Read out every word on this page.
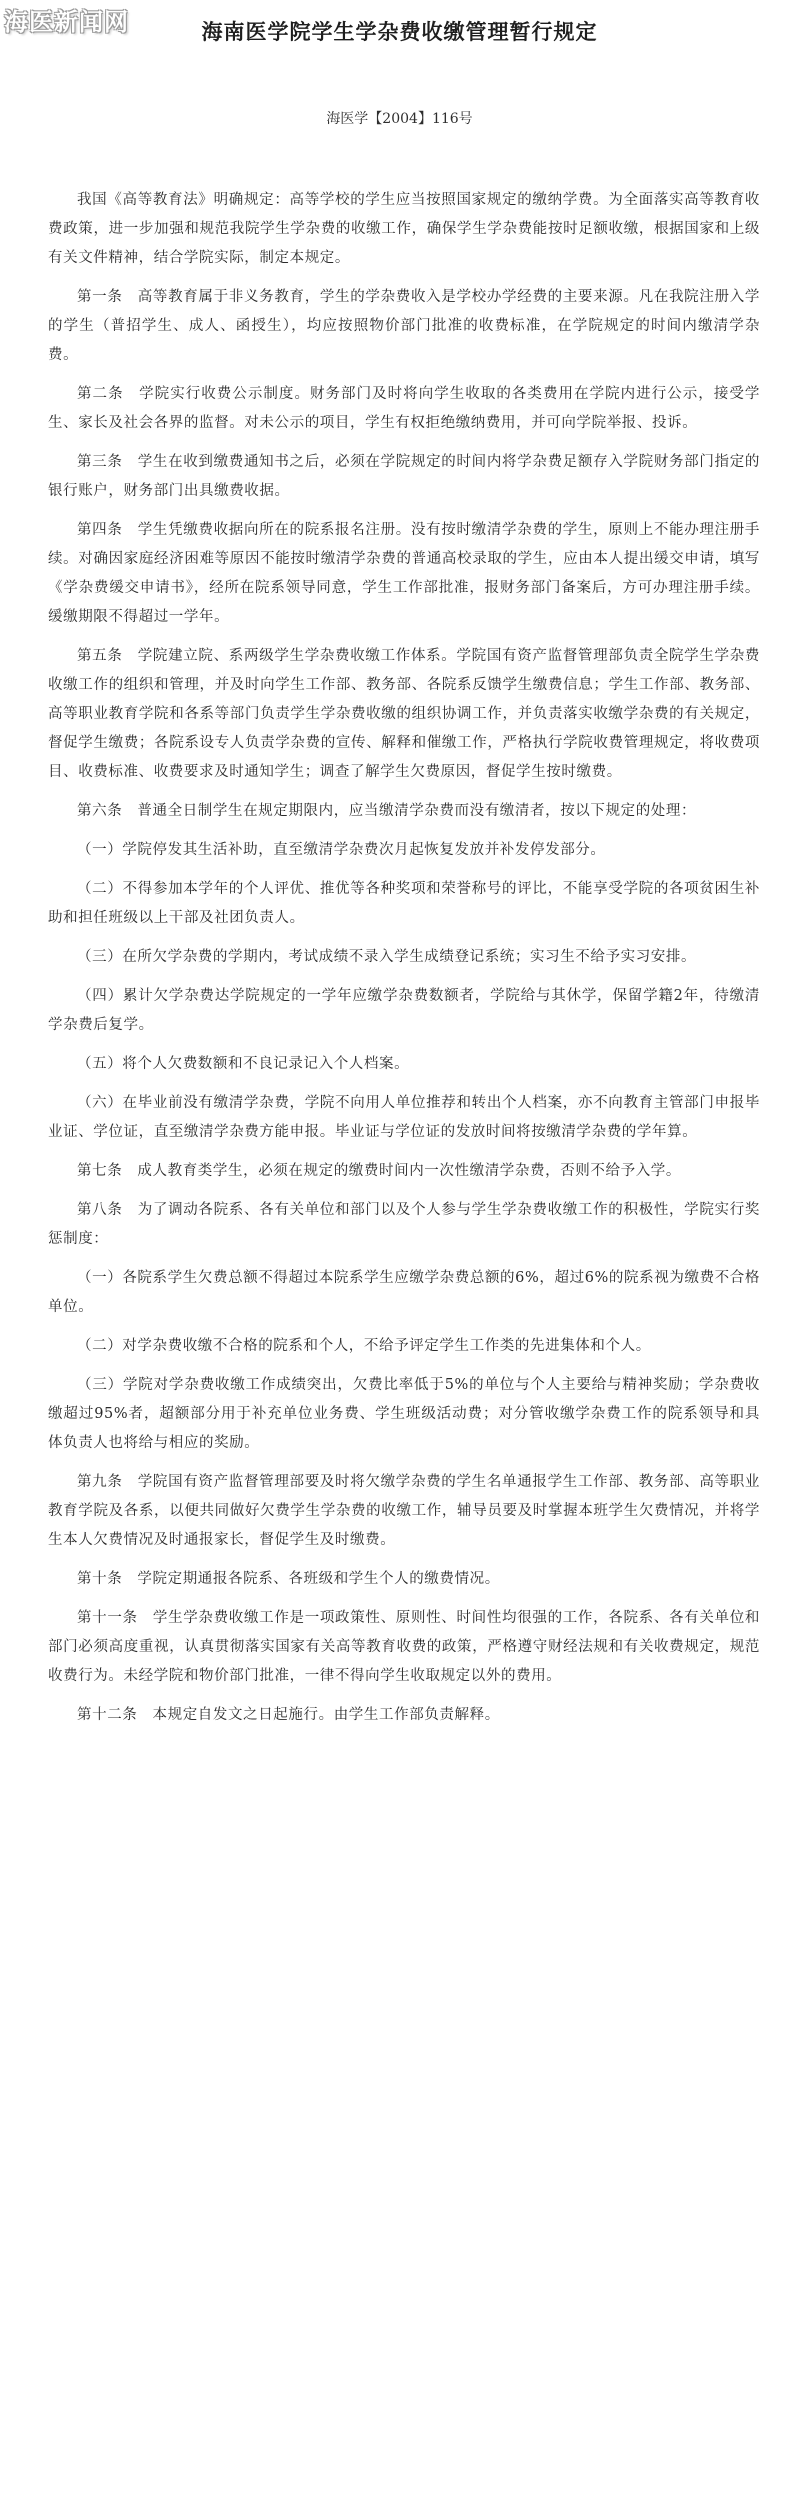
海医新闻网	海南医学院学生学杂费收缴管理暂行规定
海医学【2004】116号

我国《高等教育法》明确规定：高等学校的学生应当按照国家规定的缴纳学费。为全面落实高等教育收费政策，进一步加强和规范我院学生学杂费的收缴工作，确保学生学杂费能按时足额收缴，根据国家和上级有关文件精神，结合学院实际，制定本规定。

第一条　高等教育属于非义务教育，学生的学杂费收入是学校办学经费的主要来源。凡在我院注册入学的学生（普招学生、成人、函授生），均应按照物价部门批准的收费标准，在学院规定的时间内缴清学杂费。

第二条　学院实行收费公示制度。财务部门及时将向学生收取的各类费用在学院内进行公示，接受学生、家长及社会各界的监督。对未公示的项目，学生有权拒绝缴纳费用，并可向学院举报、投诉。

第三条　学生在收到缴费通知书之后，必须在学院规定的时间内将学杂费足额存入学院财务部门指定的银行账户，财务部门出具缴费收据。

第四条　学生凭缴费收据向所在的院系报名注册。没有按时缴清学杂费的学生，原则上不能办理注册手续。对确因家庭经济困难等原因不能按时缴清学杂费的普通高校录取的学生，应由本人提出缓交申请，填写《学杂费缓交申请书》，经所在院系领导同意，学生工作部批准，报财务部门备案后，方可办理注册手续。缓缴期限不得超过一学年。

第五条　学院建立院、系两级学生学杂费收缴工作体系。学院国有资产监督管理部负责全院学生学杂费收缴工作的组织和管理，并及时向学生工作部、教务部、各院系反馈学生缴费信息；学生工作部、教务部、高等职业教育学院和各系等部门负责学生学杂费收缴的组织协调工作，并负责落实收缴学杂费的有关规定，督促学生缴费；各院系设专人负责学杂费的宣传、解释和催缴工作，严格执行学院收费管理规定，将收费项目、收费标准、收费要求及时通知学生；调查了解学生欠费原因，督促学生按时缴费。

第六条　普通全日制学生在规定期限内，应当缴清学杂费而没有缴清者，按以下规定的处理：

（一）学院停发其生活补助，直至缴清学杂费次月起恢复发放并补发停发部分。

（二）不得参加本学年的个人评优、推优等各种奖项和荣誉称号的评比，不能享受学院的各项贫困生补助和担任班级以上干部及社团负责人。

（三）在所欠学杂费的学期内，考试成绩不录入学生成绩登记系统；实习生不给予实习安排。

（四）累计欠学杂费达学院规定的一学年应缴学杂费数额者，学院给与其休学，保留学籍2年，待缴清学杂费后复学。

（五）将个人欠费数额和不良记录记入个人档案。

（六）在毕业前没有缴清学杂费，学院不向用人单位推荐和转出个人档案，亦不向教育主管部门申报毕业证、学位证，直至缴清学杂费方能申报。毕业证与学位证的发放时间将按缴清学杂费的学年算。

第七条　成人教育类学生，必须在规定的缴费时间内一次性缴清学杂费，否则不给予入学。

第八条　为了调动各院系、各有关单位和部门以及个人参与学生学杂费收缴工作的积极性，学院实行奖惩制度：

（一）各院系学生欠费总额不得超过本院系学生应缴学杂费总额的6%，超过6%的院系视为缴费不合格单位。

（二）对学杂费收缴不合格的院系和个人，不给予评定学生工作类的先进集体和个人。

（三）学院对学杂费收缴工作成绩突出，欠费比率低于5%的单位与个人主要给与精神奖励；学杂费收缴超过95%者，超额部分用于补充单位业务费、学生班级活动费；对分管收缴学杂费工作的院系领导和具体负责人也将给与相应的奖励。

第九条　学院国有资产监督管理部要及时将欠缴学杂费的学生名单通报学生工作部、教务部、高等职业教育学院及各系，以便共同做好欠费学生学杂费的收缴工作，辅导员要及时掌握本班学生欠费情况，并将学生本人欠费情况及时通报家长，督促学生及时缴费。

第十条　学院定期通报各院系、各班级和学生个人的缴费情况。

第十一条　学生学杂费收缴工作是一项政策性、原则性、时间性均很强的工作，各院系、各有关单位和部门必须高度重视，认真贯彻落实国家有关高等教育收费的政策，严格遵守财经法规和有关收费规定，规范收费行为。未经学院和物价部门批准，一律不得向学生收取规定以外的费用。

第十二条　本规定自发文之日起施行。由学生工作部负责解释。
